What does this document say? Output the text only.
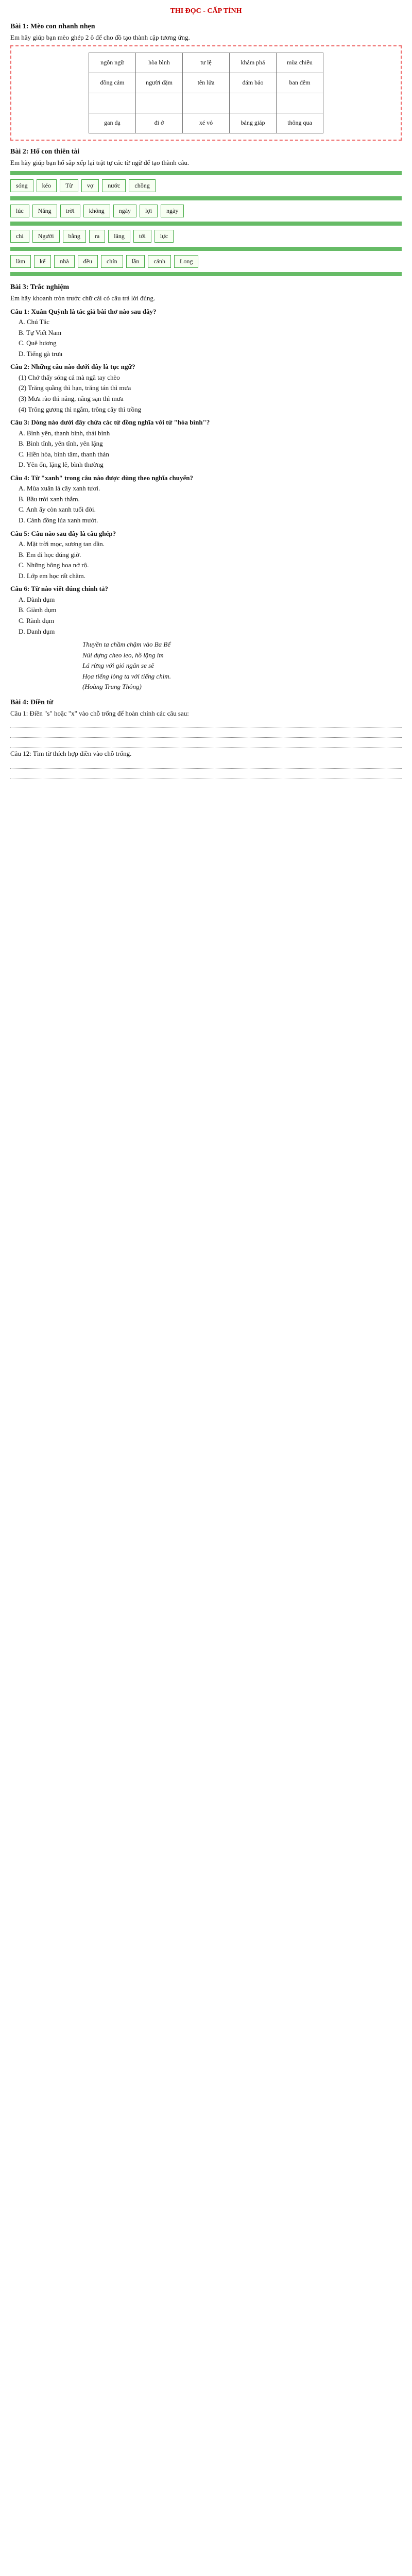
THI ĐỌC - CẤP TỈNH
Bài 1: Mèo con nhanh nhẹn

Em hãy giúp bạn mèo ghép 2 ô để cho đồ tạo thành cặp tương ứng.

ngôn ngữ	hòa bình	tư lệ	khám phá	mùa chiều
đồng cảm	người dặm	tên lửa	đám bảo	ban đêm

gan dạ	đi ở	xé vỏ	bảng giáp	thông qua
Bài 2: Hổ con thiên tài

Em hãy giúp bạn hổ sắp xếp lại trật tự các từ ngữ để tạo thành câu.

sóng	kéo	Từ	vợ	nước	chồng
lúc	Năng	trời	không	ngày	lợi	ngày
chi	Người	bằng	ra	lãng	tới	lực
làm	kể	nhà	đều	chín	lần	cánh	Long
Bài 3: Trắc nghiệm

Em hãy khoanh tròn trước chữ cái có câu trả lời đúng.

Câu 1: Xuân Quỳnh là tác giả bài thơ nào sau đây?

A. Chú Tắc

B. Tự Viết Nam

C. Quê hương

D. Tiếng gà trưa

Câu 2: Những câu nào dưới đây là tục ngữ?

(1) Chớ thấy sóng cả mà ngã tay chèo

(2) Trăng quầng thì hạn, trăng tán thì mưa

(3) Mưa rào thì nắng, nắng sạn thì mưa

(4) Trông gương thì ngắm, trông cây thì trồng

Câu 3: Dòng nào dưới đây chứa các từ đồng nghĩa với từ "hòa bình"?

A. Bình yên, thanh bình, thái bình

B. Bình tĩnh, yên tĩnh, yên lặng

C. Hiền hòa, bình tâm, thanh thản

D. Yên ổn, lặng lẽ, bình thường

Câu 4: Từ "xanh" trong câu nào được dùng theo nghĩa chuyển?

A. Mùa xuân lá cây xanh tươi.

B. Bầu trời xanh thẳm.

C. Anh ấy còn xanh tuổi đời.

D. Cánh đồng lúa xanh mướt.

Câu 5: Câu nào sau đây là câu ghép?

A. Mặt trời mọc, sương tan dần.

B. Em đi học đúng giờ.

C. Những bông hoa nở rộ.

D. Lớp em học rất chăm.

Câu 6: Từ nào viết đúng chính tả?

A. Dành dụm

B. Giành dụm

C. Rành dụm

D. Danh dụm

Thuyền ta chầm chậm vào Ba Bể

Núi dựng cheo leo, hồ lặng im

Lá rừng với gió ngân se sẽ

Họa tiếng lòng ta với tiếng chim.

(Hoàng Trung Thông)

Bài 4: Điền từ

Câu 1: Điền "s" hoặc "x" vào chỗ trống để hoàn chỉnh các câu sau:

Câu 12: Tìm từ thích hợp điền vào chỗ trống.
